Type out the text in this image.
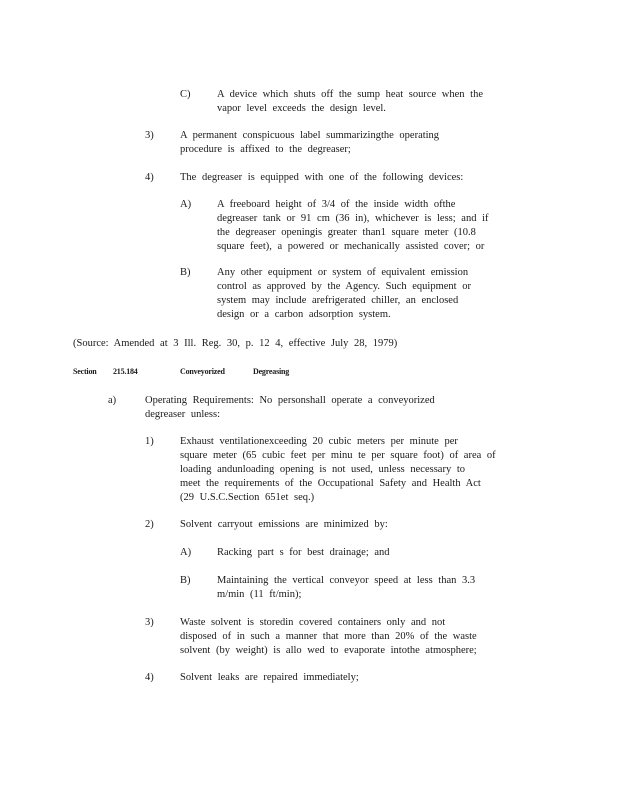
C)	A device which shuts off the sump heat source when the
vapor level exceeds the design level.
3)	A permanent conspicuous label summarizingthe operating
procedure is affixed to the degreaser;
4)	The degreaser is equipped with one of the following devices:
A) A freeboard height of 3/4 of the inside width ofthe
degreaser tank or 91 cm (36 in), whichever is less; and if
the degreaser openingis greater than1 square meter (10.8
square feet), a powered or mechanically assisted cover; or
B)	Any other equipment or system of equivalent emission
control as approved by the Agency. Such equipment or
system may include arefrigerated chiller, an enclosed
design or a carbon adsorption system.
(Source: Amended at 3 Ill. Reg. 30, p. 12 4, effective July 28, 1979)
Section 215.184	Conveyorized	Degreasing
a)	Operating Requirements: No personshall operate a conveyorized
degreaser unless:
1)	Exhaust ventilationexceeding 20 cubic meters per minute per
square meter (65 cubic feet per minu te per square foot) of area of
loading andunloading opening is not used, unless necessary to
meet the requirements of the Occupational Safety and Health Act
(29 U.S.C.Section 651et seq.)
2)	Solvent carryout emissions are minimized by:
A) Racking part s for best drainage; and
B)	Maintaining the vertical conveyor speed at less than 3.3
m/min (11 ft/min);
3)	Waste solvent is storedin covered containers only and not
disposed of in such a manner that more than 20% of the waste
solvent (by weight) is allo wed to evaporate intothe atmosphere;
4)	Solvent leaks are repaired immediately;
